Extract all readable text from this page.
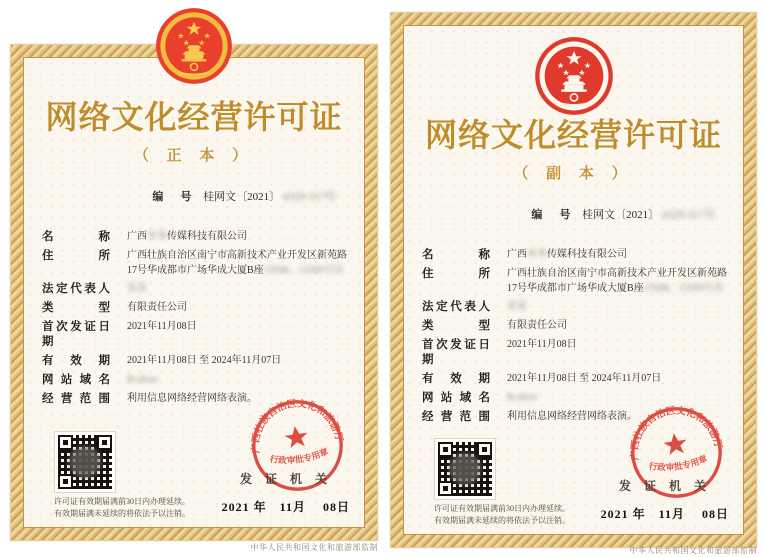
网络文化经营许可证
（ 正 本 ）
编　号 桂网文〔2021〕 4329-317号
名称 广西米秀传媒科技有限公司
住所 广西壮族自治区南宁市高新技术产业开发区新苑路17号华成都市广场华成大厦B座13508、13509号房
法定代表人 某某
类型 有限责任公司
首次发证日期
2021年11月08日
有效期 2021年11月08日 至 2024年11月07日
网站域名 lh.show
经营范围 利用信息网络经营网络表演。
许可证有效期届满前30日内办理延续。
有效期届满未延续的将依法予以注销。
广西壮族自治区文化和旅游厅
行政审批专用章
发 证 机 关
2021 年　11月　 08日
网络文化经营许可证
（ 副 本 ）
编　号 桂网文〔2021〕 4329-317号
名称 广西米秀传媒科技有限公司
住所 广西壮族自治区南宁市高新技术产业开发区新苑路17号华成都市广场华成大厦B座13508、13509号房
法定代表人 某某
类型 有限责任公司
首次发证日期
2021年11月08日
有效期 2021年11月08日 至 2024年11月07日
网站域名 lh.show
经营范围 利用信息网络经营网络表演。
许可证有效期届满前30日内办理延续。
有效期届满未延续的将依法予以注销。
广西壮族自治区文化和旅游厅
行政审批专用章
发 证 机 关
2021 年　11月　 08日
中华人民共和国文化和旅游部监制	中华人民共和国文化和旅游部监制
